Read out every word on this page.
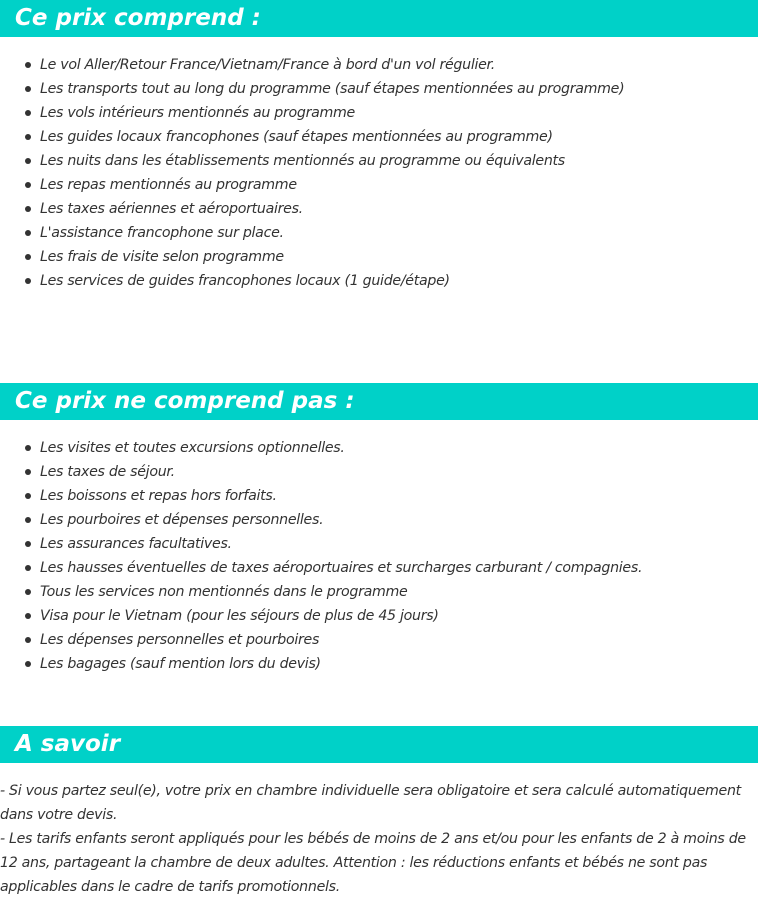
Ce prix comprend :
Le vol Aller/Retour France/Vietnam/France à bord d'un vol régulier.
Les transports tout au long du programme (sauf étapes mentionnées au programme)
Les vols intérieurs mentionnés au programme
Les guides locaux francophones (sauf étapes mentionnées au programme)
Les nuits dans les établissements mentionnés au programme ou équivalents
Les repas mentionnés au programme
Les taxes aériennes et aéroportuaires.
L'assistance francophone sur place.
Les frais de visite selon programme
Les services de guides francophones locaux (1 guide/étape)
Ce prix ne comprend pas :
Les visites et toutes excursions optionnelles.
Les taxes de séjour.
Les boissons et repas hors forfaits.
Les pourboires et dépenses personnelles.
Les assurances facultatives.
Les hausses éventuelles de taxes aéroportuaires et surcharges carburant / compagnies.
Tous les services non mentionnés dans le programme
Visa pour le Vietnam (pour les séjours de plus de 45 jours)
Les dépenses personnelles et pourboires
Les bagages (sauf mention lors du devis)
A savoir

- Si vous partez seul(e), votre prix en chambre individuelle sera obligatoire et sera calculé automatiquement dans votre devis.

- Les tarifs enfants seront appliqués pour les bébés de moins de 2 ans et/ou pour les enfants de 2 à moins de 12 ans, partageant la chambre de deux adultes. Attention : les réductions enfants et bébés ne sont pas applicables dans le cadre de tarifs promotionnels.
